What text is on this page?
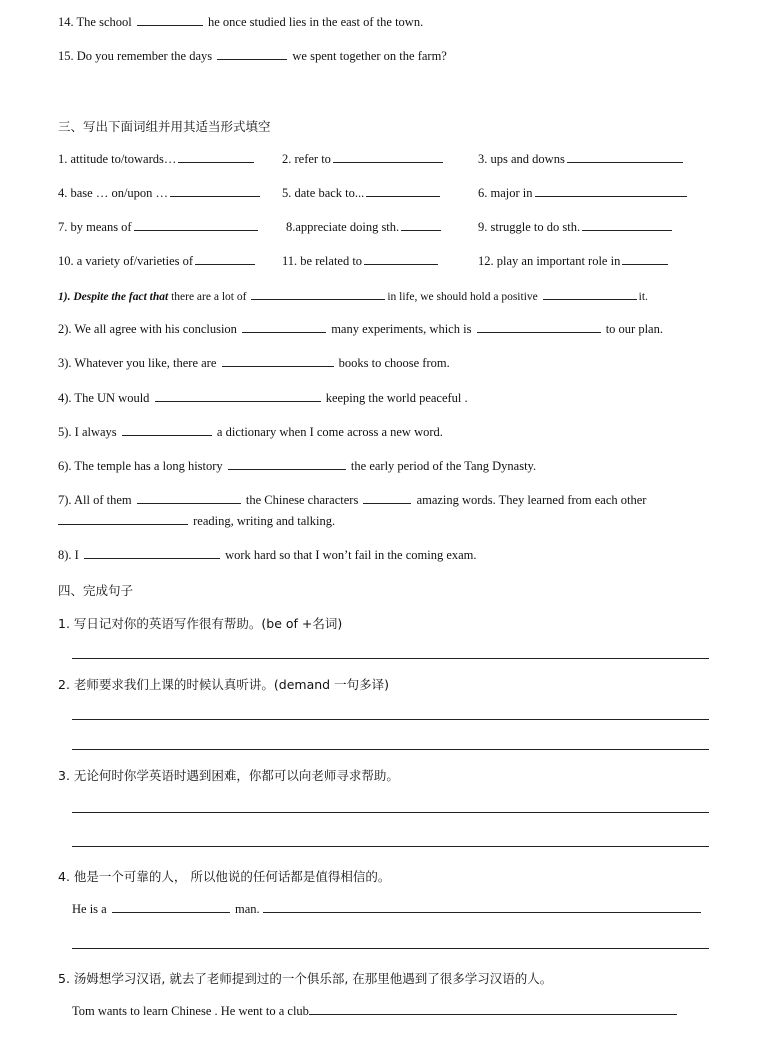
14. The school	he once studied lies in the east of the town.
15. Do you remember the days	we spent together on the farm?
三、写出下面词组并用其适当形式填空
1. attitude to/towards…	2. refer to	3. ups and downs
4. base … on/upon …	5. date back to...	6. major in
7. by means of	8.appreciate doing sth.	9. struggle to do sth.
10. a variety of/varieties of	11. be related to	12. play an important role in
1). Despite the fact that there are a lot of	in life, we should hold a positive	it.
2). We all agree with his conclusion	many experiments, which is	to our plan.
3). Whatever you like, there are	books to choose from.
4). The UN would	keeping the world peaceful .
5). I always	a dictionary when I come across a new word.
6). The temple has a long history	the early period of the Tang Dynasty.
7). All of them	the Chinese characters	amazing words. They learned from each other
reading, writing and talking.
8). I	work hard so that I won’t fail in the coming exam.
四、完成句子
1. 写日记对你的英语写作很有帮助。(be of +名词)
2. 老师要求我们上课的时候认真听讲。(demand 一句多译)
3. 无论何时你学英语时遇到困难，你都可以向老师寻求帮助。
4. 他是一个可靠的人， 所以他说的任何话都是值得相信的。
He is a	man.
5. 汤姆想学习汉语, 就去了老师提到过的一个俱乐部, 在那里他遇到了很多学习汉语的人。
Tom wants to learn Chinese . He went to a club
